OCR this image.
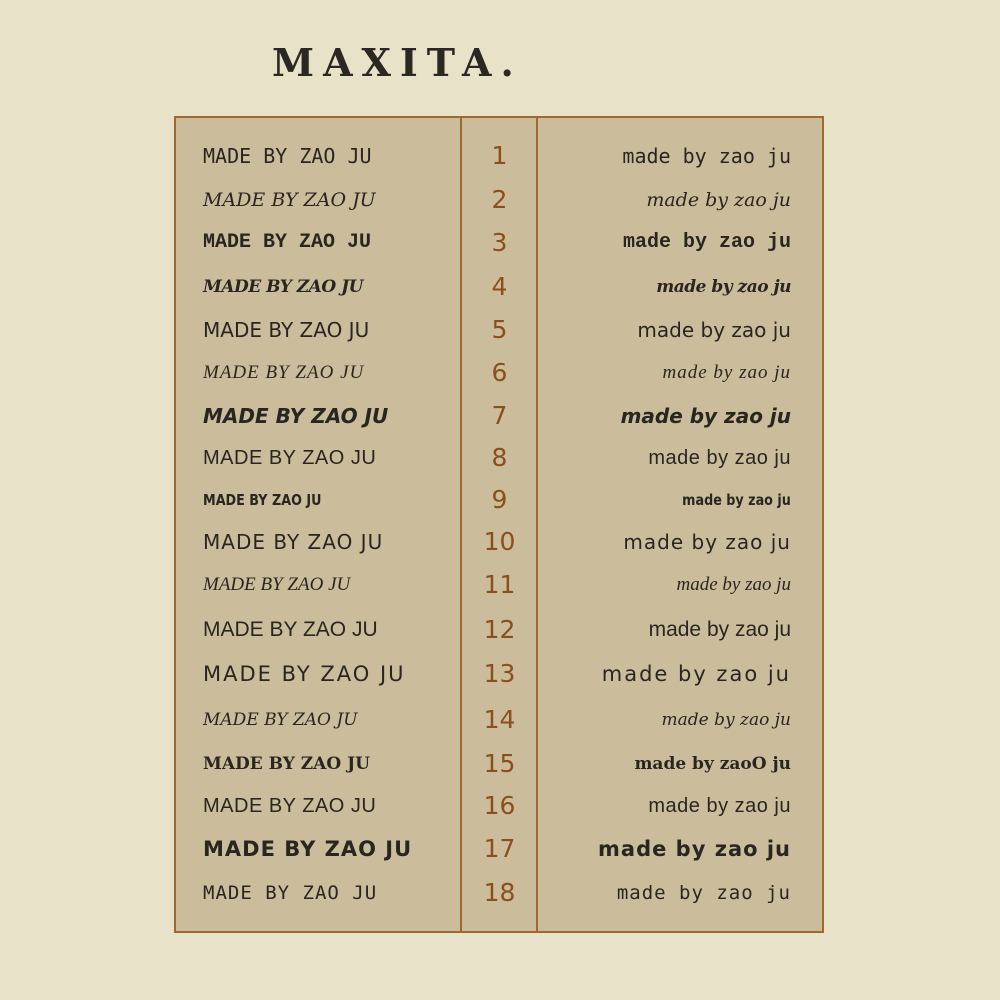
MAXITA.
MADE BY ZAO JU	1	made by zao ju
MADE BY ZAO JU	2	made by zao ju
MADE BY ZAO JU	3	made by zao ju
MADE BY ZAO JU	4	made by zao ju
MADE BY ZAO JU	5	made by zao ju
MADE BY ZAO JU	6	made by zao ju
MADE BY ZAO JU	7	made by zao ju
MADE BY ZAO JU	8	made by zao ju
MADE BY ZAO JU	9	made by zao ju
MADE BY ZAO JU	10	made by zao ju
MADE BY ZAO JU	11	made by zao ju
MADE BY ZAO JU	12	made by zao ju
MADE BY ZAO JU	13	made by zao ju
MADE BY ZAO JU	14	made by zao ju
MADE BY ZAO JU	15	made by zaoO ju
MADE BY ZAO JU	16	made by zao ju
MADE BY ZAO JU	17	made by zao ju
MADE BY ZAO JU	18	made by zao ju
